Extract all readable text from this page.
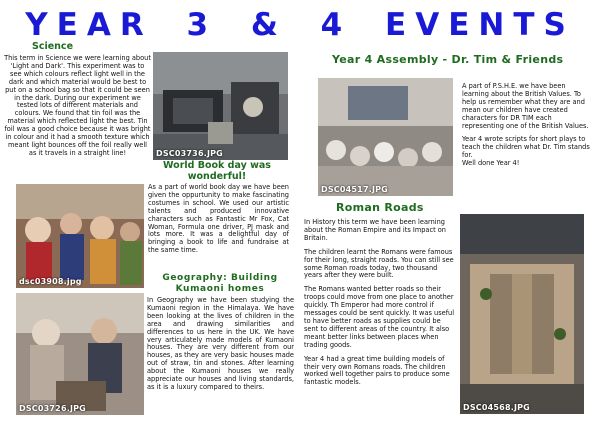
YEAR 3 & 4 EVENTS
Science
This term in Science we were learning about 'Light and Dark'. This experiment was to see which colours reflect light well in the dark and which material would be best to put on a school bag so that it could be seen in the dark. During our experiment we tested lots of different materials and colours. We found that tin foil was the material which reflected light the best. Tin foil was a good choice because it was bright in colour and it had a smooth texture which meant light bounces off the foil really well as it travels in a straight line!	DSC03736.JPG
World Book day was wonderful!
dsc03908.jpg
As a part of world book day we have been given the oppurtunity to make fascinating costumes in school. We used our artistic talents and produced innovative characters such as Fantastic Mr Fox, Cat Woman, Formula one driver, PJ mask and lots more. It was a delightful day of bringing a book to life and fundraise at the same time.
Geography: Building Kumaoni homes
DSC03726.JPG
In Geography we have been studying the Kumaoni region in the Himalaya. We have been looking at the lives of children in the area and drawing similarities and differences to us here in the UK. We have very articulately made models of Kumaoni houses. They are very different from our houses, as they are very basic houses made out of straw, tin and stones. After learning about the Kumaoni houses we really appreciate our houses and living standards, as it is a luxury compared to theirs.
Year 4 Assembly - Dr. Tim & Friends
DSC04517.JPG

A part of P.S.H.E. we have been learning about the British Values. To help us remember what they are and mean our children have created characters for DR TIM each representing one of the British Values.

Year 4 wrote scripts for short plays to teach the children what Dr. Tim stands for.

Well done Year 4!

Roman Roads

In History this term we have been learning about the Roman Empire and its Impact on Britain.

The children learnt the Romans were famous for their long, straight roads. You can still see some Roman roads today, two thousand years after they were built.

The Romans wanted better roads so their troops could move from one place to another quickly. Th Emperor had more control if messages could be sent quickly. It was useful to have better roads as supplies could be sent to different areas of the country. It also meant better links between places when trading goods.

Year 4 had a great time building models of their very own Romans roads. The children worked well together pairs to produce some fantastic models.

DSC04568.JPG
